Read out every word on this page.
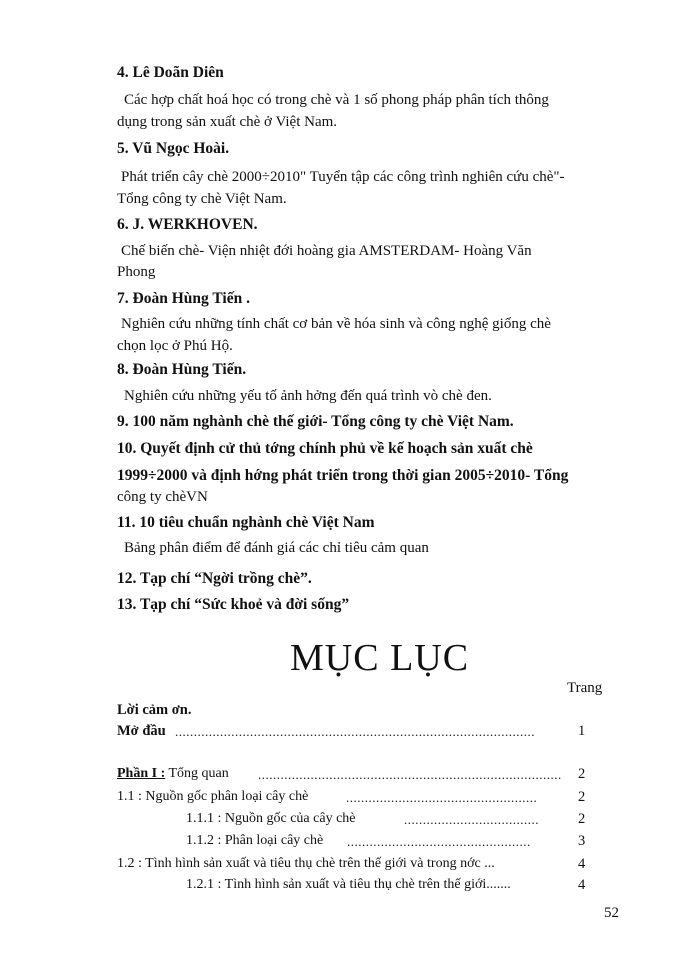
4. Lê Doãn Diên
Các hợp chất hoá học có trong chè và 1 số phong pháp phân tích thông
dụng trong sản xuất chè ở Việt Nam.
5. Vũ Ngọc Hoài.
Phát triển cây chè 2000÷2010" Tuyển tập các công trình nghiên cứu chè"-
Tổng công ty chè Việt Nam.
6. J. WERKHOVEN.
Chế biến chè- Viện nhiệt đới hoàng gia AMSTERDAM- Hoàng Văn
Phong
7. Đoàn Hùng Tiến .
Nghiên cứu những tính chất cơ bản về hóa sinh và công nghệ giống chè
chọn lọc ở Phú Hộ.
8. Đoàn Hùng Tiến.
Nghiên cứu những yếu tố ảnh hởng đến quá trình vò chè đen.
9. 100 năm nghành chè thế giới- Tổng công ty chè Việt Nam.
10. Quyết định cử thủ tớng chính phủ về kế hoạch sản xuất chè
1999÷2000 và định hớng phát triển trong thời gian 2005÷2010- Tổng
công ty chèVN
11. 10 tiêu chuẩn nghành chè Việt Nam
Bảng phân điểm để đánh giá các chỉ tiêu cảm quan
12. Tạp chí “Ngời trồng chè”.
13. Tạp chí “Sức khoẻ và đời sống”
MỤC LỤC
Trang
Lời cảm ơn.
Mở đầu ................................................................................................	1
Phần I : Tổng quan ................................................................................. 2
1.1 : Nguồn gốc phân loại cây chè	...................................................	2
1.1.1 : Nguồn gốc của cây chè	....................................	2
1.1.2 : Phân loại cây chè .................................................	3
1.2 : Tình hình sản xuất và tiêu thụ chè trên thế giới và trong nớc ...	4
1.2.1 : Tình hình sản xuất và tiêu thụ chè trên thế giới.......	4
52
